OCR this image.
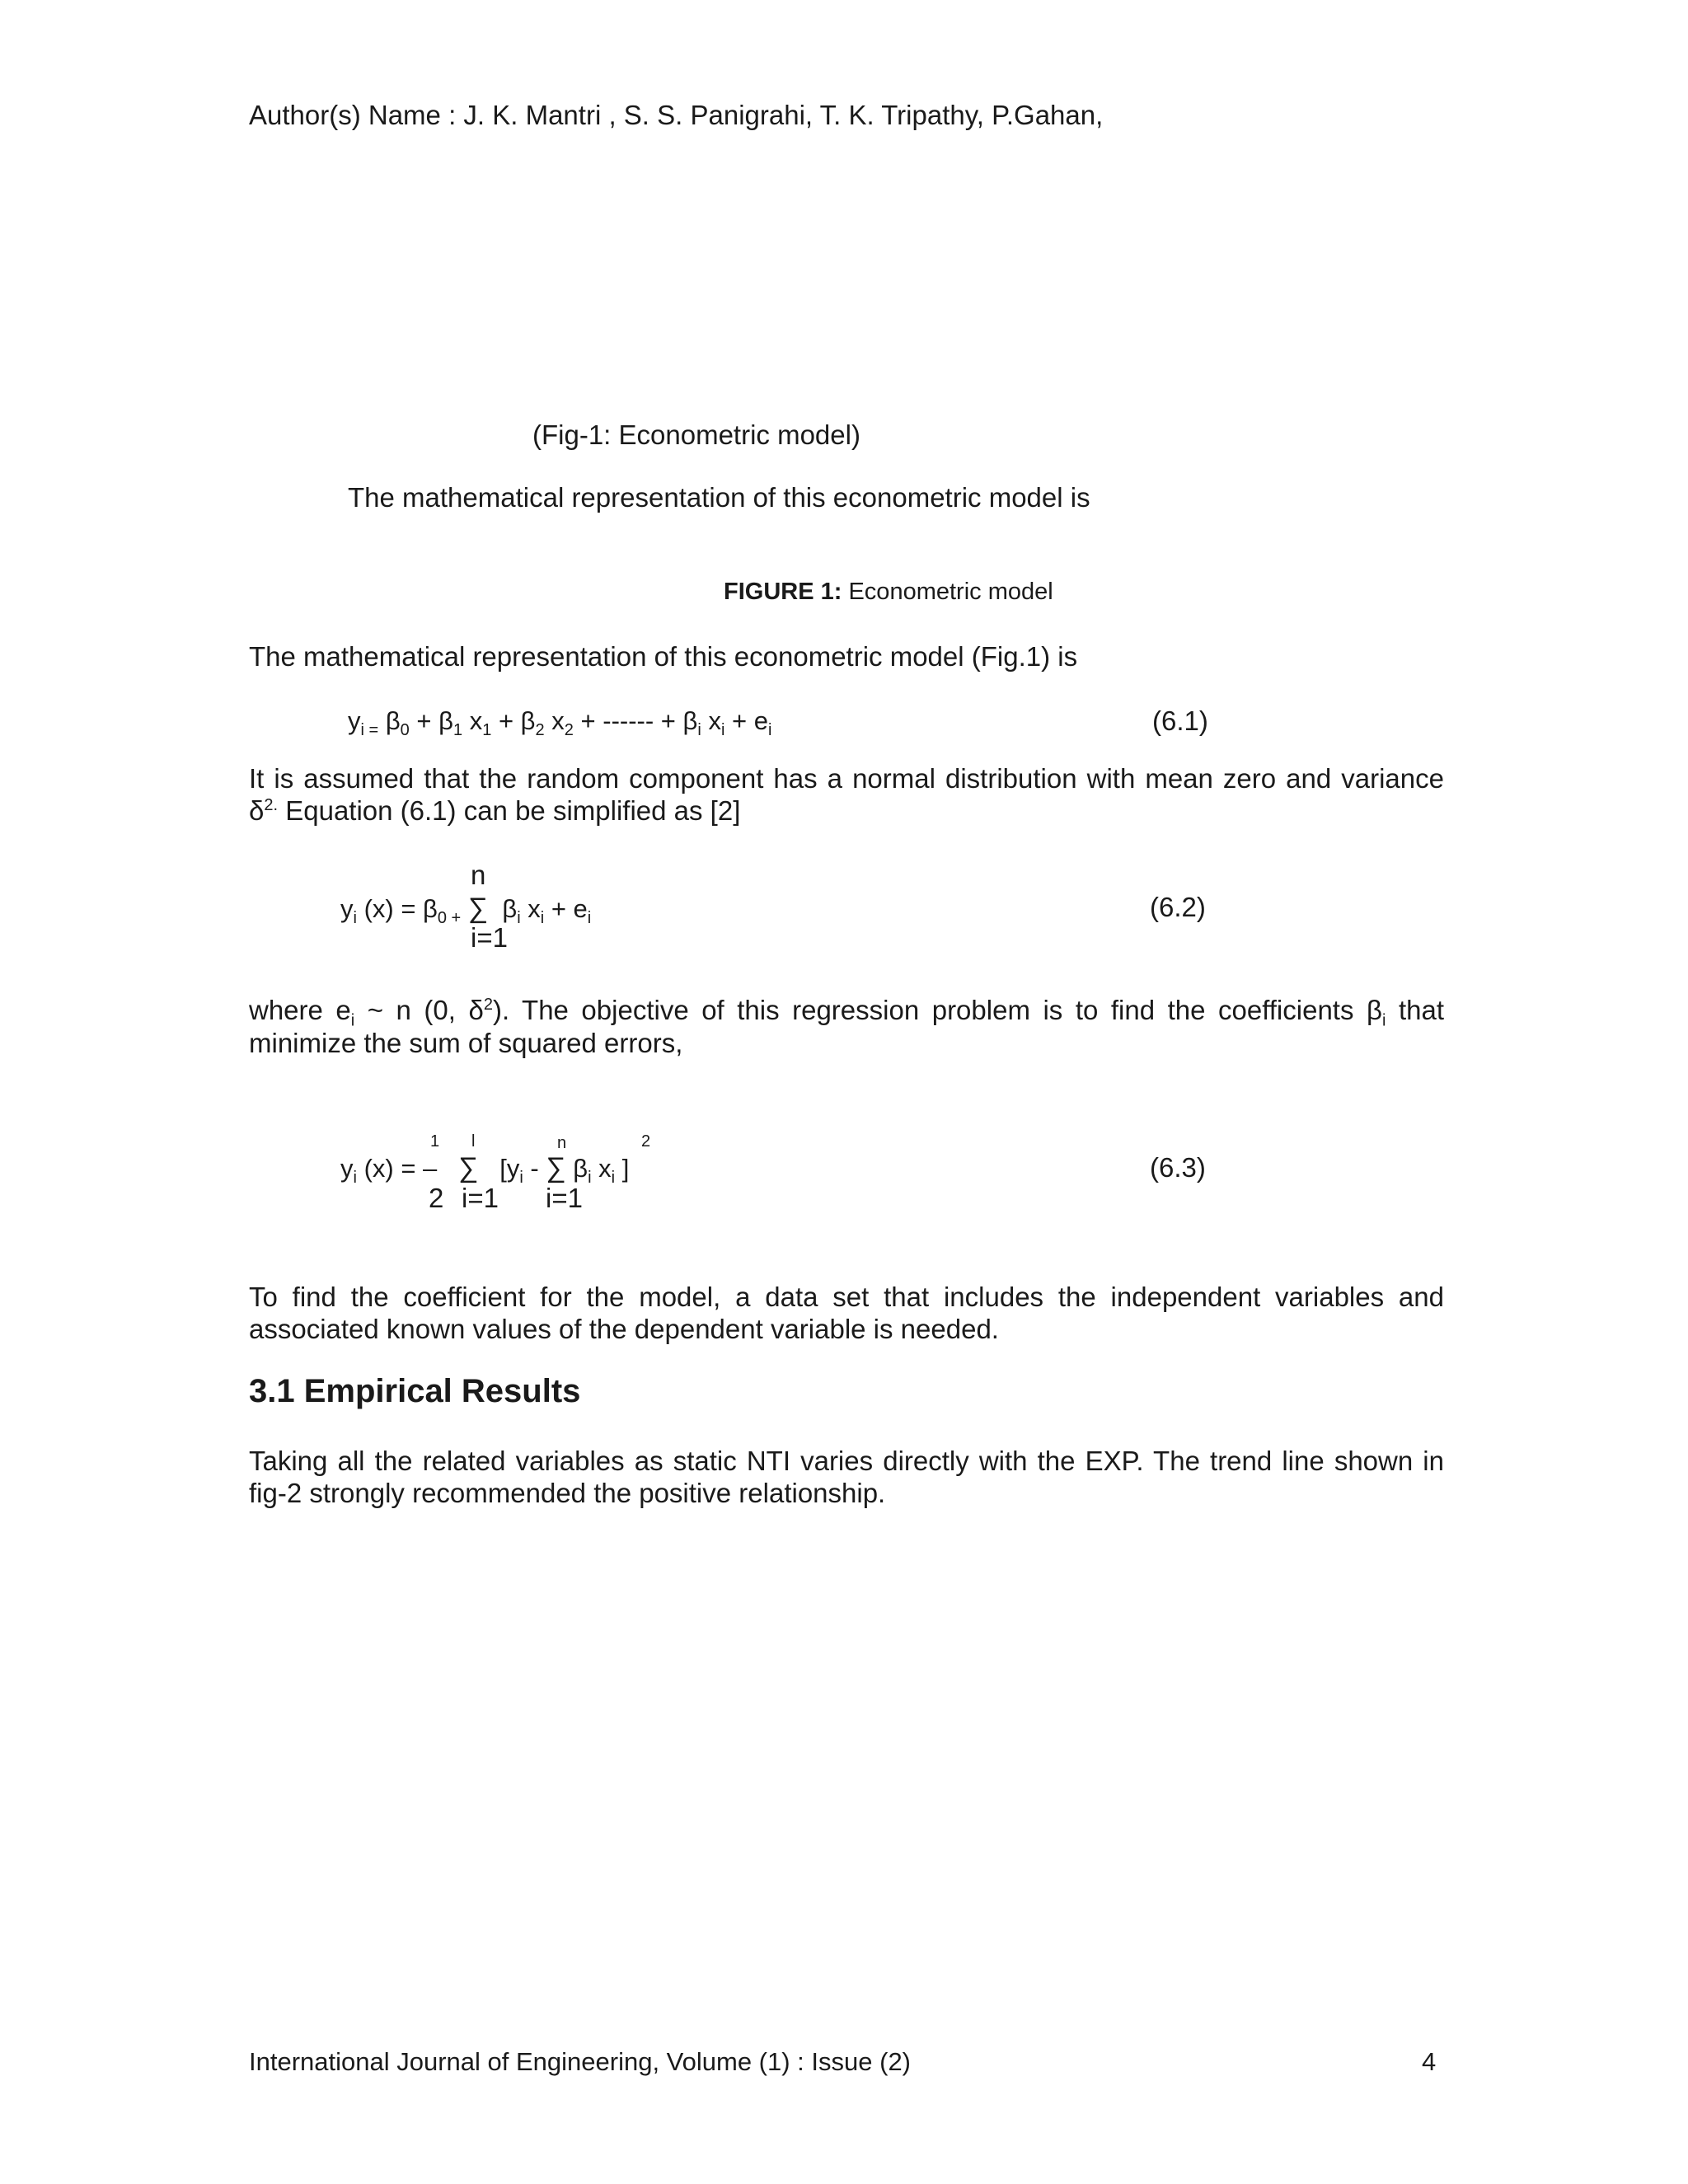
Author(s) Name : J. K. Mantri , S. S. Panigrahi, T. K. Tripathy, P.Gahan,
(Fig-1: Econometric model)
The mathematical representation of this econometric model is
FIGURE 1: Econometric model
The mathematical representation of this econometric model (Fig.1) is
$y_{i =}$ $\beta_0 + \beta_1$ $x_1 + \beta_2$ $x_2$ + ------ + $\beta_i$ $x_i + e_i$	(6.1)
It is assumed that the random component has a normal distribution with mean zero and variance
$\delta^{2.}$ Equation (6.1) can be simplified as [2]
n
$y_i$ $(x) = \beta_{0 +}$ ∑ $\beta_i$ $x_i + e_i$
i=1
(6.2)
where $e_i$ ~ n (0, $\delta^2$). The objective of this regression problem is to find the coefficients $\beta_i$ that
minimize the sum of squared errors,
1 l	n	2
$y_i$ (x) = – ∑ [$y_i$ - ∑ $\beta_i$ $x_i$ ]
2 i=1 i=1
(6.3)
To find the coefficient for the model, a data set that includes the independent variables and
associated known values of the dependent variable is needed.
3.1 Empirical Results
Taking all the related variables as static NTI varies directly with the EXP. The trend line shown in
fig-2 strongly recommended the positive relationship.
International Journal of Engineering, Volume (1) : Issue (2)	4
